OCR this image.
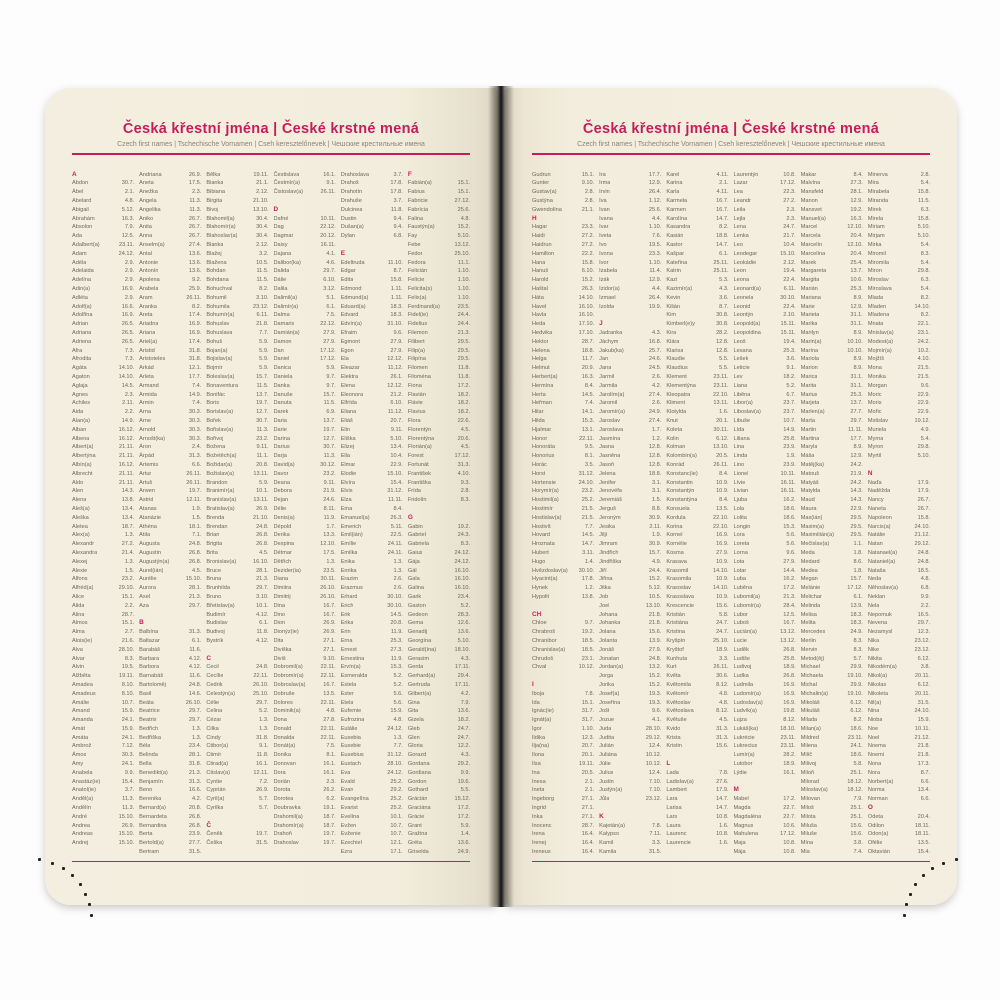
Česká křestní jména | České krstné mená
Czech first names | Tschechische Vornamen | Cseh keresztelőnevek | Чешские крестильные имена
A
Abdon	30.7.
Ábel	2.1.
Abelard	4.8.
Abigail	5.12.
Abrahám	16.3.
Absolon	7.9.
Ada	12.5.
Adalbert(a)	23.11.
Adam	24.12.
Adéla	2.9.
Adelaida	2.9.
Adelína	2.9.
Adin(a)	16.9.
Adléta	2.9.
Adolf(a)	16.6.
Adolfína	16.9.
Adrian	26.5.
Adriana	26.5.
Adriena	26.5.
Afra	7.3.
Afrodita	7.3.
Agáta	14.10.
Agaton	14.10.
Aglaja	14.5.
Agnes	2.3.
Achiles	2.11.
Aida	2.2.
Alan(a)	14.9.
Alban	16.12.
Albena	16.12.
Albert(a)	21.11.
Albertýna	21.11.
Albín(a)	16.12.
Albrecht	21.11.
Aldo	21.11.
Alen	14.3.
Alena	13.8.
Aleš(a)	13.4.
Aleška	13.4.
Aletea	18.7.
Alex(a)	1.3.
Alexandr	27.2.
Alexandra	21.4.
Alexej	1.3.
Alexie	1.5.
Alfons	23.2.
Alfréd(a)	29.10.
Alice	15.1.
Alida	2.2.
Alina	28.7.
Almos	15.1.
Alma	2.7.
Alois(ie)	21.6.
Alva	28.10.
Alvar	8.3.
Alvin	19.5.
Alžběta	19.11.
Amadea	8.10.
Amadeus	8.10.
Amálie	10.7.
Amand	15.9.
Amanda	24.1.
Amát	15.9.
Amáta	24.1.
Ambrož	7.12.
Ámos	30.3.
Amy	24.1.
Anabela	9.9.
Anastáz(ie)	15.4.
Anatol(ie)	3.7.
Anděl(a)	11.3.
Andělín	11.3.
André	15.10.
Andrea	26.9.
Andreas	15.10.
Andrej	15.10.
Andriana	26.9.
Aneta	17.5.
Anežka	2.3.
Angela	11.3.
Angelika	11.3.
Aniko	26.7.
Anita	26.7.
Anna	26.7.
Anselm(a)	27.4.
Antal	13.6.
Antonie	13.6.
Antonín	13.6.
Apolena	9.2.
Arabela	25.9.
Aram	26.11.
Aranka	8.2.
Areta	17.4.
Ariadna	16.9.
Ariana	16.9.
Ariel(a)	17.4.
Aristid	31.8.
Aristoteles	31.8.
Arkád	12.1.
Arleta	17.7.
Armand	7.4.
Armida	14.9.
Armin	7.4.
Arna	30.3.
Arne	30.3.
Arnold	30.3.
Arnošt(ka)	30.3.
Áron	2.4.
Árpád	31.3.
Artemis	6.6.
Artur	26.11.
Artuš	26.11.
Arwen	19.7.
Astrid	12.11.
Atanas	1.9.
Atanázie	1.5.
Athéna	18.1.
Atila	7.1.
Augusta	24.8.
Augustin	26.8.
Augustýn(a)	26.8.
Aurel(ián)	4.5.
Aurélie	15.10.
Aurora	28.1.
Axel	21.3.
Aza	29.7.
B
Balbína	31.3.
Baltazar	6.1.
Barabáš	11.6.
Barbara	4.12.
Barbora	4.12.
Barnabáš	11.6.
Bartoloměj	24.8.
Basil	14.6.
Beáta	26.10.
Beatrice	29.7.
Beatrix	29.7.
Bedřich	1.3.
Bedřiška	1.3.
Béla	23.4.
Belinda	28.1.
Bella	31.8.
Benedikt(a)	21.3.
Benjamín	31.3.
Beno	16.6.
Berenika	4.2.
Bernard(a)	20.8.
Bernardeta	26.8.
Bernardina	26.8.
Berta	23.9.
Bertold(a)	27.7.
Bertram	31.5.
Bělka	19.11.
Bianka	21.1.
Bibiana	2.12.
Birgita	21.10.
Bivoj	13.10.
Blahomil(a)	30.4.
Blahomír(a)	30.4.
Blahoslav(a)	30.4.
Blanka	2.12.
Blažej	3.2.
Blažena	10.5.
Bohdan	11.5.
Bohdana	11.5.
Bohuchval	8.2.
Bohumil	3.10.
Bohumila	23.12.
Bohumír(a)	6.11.
Bohuslav	21.8.
Bohuslava	7.7.
Bohuš	5.9.
Bojan(a)	5.9.
Bojislav(a)	5.9.
Bojmír	5.9.
Boleslav(a)	15.7.
Bonaventura	11.5.
Bonifác	13.7.
Boris	19.7.
Borislav(a)	12.7.
Bořek	30.7.
Bořislav(a)	11.3.
Bořivoj	23.2.
Božena	9.11.
Božetěch(a)	11.1.
Božidar(a)	20.8.
Božislav(a)	13.11.
Brandon	5.9.
Branimír(a)	10.1.
Branislav(a)	13.11.
Bratislav(a)	26.9.
Brenda	21.10.
Brendan	24.8.
Brian	26.8.
Brigita	26.8.
Brita	4.5.
Bronislav(a)	16.10.
Bruce	28.1.
Bruna	21.3.
Brunhilda	29.7.
Bruno	3.10.
Břetislav(a)	10.1.
Budimír	4.12.
Budislav	6.1.
Budivoj	11.8.
Bystrík	4.12.
C
Cecil	24.8.
Cecílie	22.11.
Cedrik	26.10.
Celestýn(a)	25.10.
Célie	29.7.
Celina	5.2.
Cézar	1.3.
Cilka	1.3.
Cindy	31.8.
Ctibor(a)	9.1.
Ctimír	11.8.
Ctirad(a)	16.1.
Ctislav(a)	12.11.
Cyntie	7.2.
Cyprián	26.9.
Cyril(a)	5.7.
Cyrilka	5.7.
Č
Čeněk	19.7.
Češka	31.5.
Čestislava	16.1.
Čestmír(a)	9.1.
Čistoslav(a)	26.11.
D
Dafné	10.11.
Dag	22.12.
Dagmar	20.12.
Daisy	16.11.
Dajana	4.1.
Dalibor(ka)	4.6.
Dalida	29.7.
Dálie	6.10.
Dalila	3.12.
Dalimil(a)	5.1.
Dalimír(a)	6.1.
Dalma	7.5.
Damaris	22.12.
Damián(a)	27.9.
Damon	27.9.
Dan	17.12.
Daniel	17.12.
Danica	5.9.
Daniela	9.7.
Danka	9.7.
Danuše	15.7.
Danuta	11.5.
Darek	6.9.
Daria	13.7.
Darie	19.7.
Darina	12.7.
Darius	30.7.
Darja	11.3.
David(a)	30.12.
Davor	23.2.
Deana	9.11.
Debora	21.9.
Dejan	24.6.
Délie	8.11.
Denis(a)	11.9.
Dépold	1.7.
Derika	13.3.
Despina	12.10.
Détmar	17.5.
Dětřich	1.3.
Dezider(ia)	23.5.
Diana	30.11.
Dimitra	26.10.
Dimitrij	26.10.
Dina	16.7.
Dino	16.7.
Dion	26.9.
Dionýz(ie)	26.9.
Dita	27.1.
Diviška	27.1.
Diviš	9.10.
Dobromil(a)	22.11.
Dobromír(a)	22.11.
Dobroslav(a)	16.7.
Dobruše	13.5.
Dolores	22.11.
Dominik(a)	4.8.
Dona	27.8.
Donald	22.11.
Donalda	22.11.
Donát(a)	7.5.
Donika	8.1.
Donovan	16.1.
Dora	16.1.
Dorián	2.3.
Dorota	26.2.
Dorotea	6.2.
Doubravka	19.1.
Drahomil(a)	18.7.
Drahomír(a)	18.7.
Drahoň	19.7.
Drahoslav	19.7.
Drahoslava	3.7.
Drahoš	17.8.
Drahotín	17.8.
Drahuše	3.7.
Dulcinea	11.8.
Dustin	9.4.
Dušan(a)	9.4.
Dylan	6.8.
E
Edeltruda	11.10.
Edgar	8.7.
Edita	15.8.
Edmond	1.11.
Edmund(a)	1.11.
Eduard(a)	18.3.
Edvard	18.3.
Edvín(a)	31.10.
Efraim	9.6.
Egmont	27.9.
Egon	27.9.
Ela	12.12.
Eleazar	11.12.
Elektra	26.1.
Elena	12.12.
Eleonora	21.2.
Elfrída	6.10.
Eliana	11.12.
Eliáš	20.7.
Elin	9.11.
Eliška	5.10.
Elizej	13.4.
Ella	10.4.
Elmar	22.9.
Elodie	15.10.
Elvíra	15.4.
Elvis	31.12.
Elza	11.11.
Ema	8.4.
Emanuel(a)	26.3.
Emerich	5.11.
Emil(ián)	22.5.
Emílie	24.11.
Emilka	24.11.
Enika	1.3.
Enrika	1.3.
Erazim	2.6.
Erazmus	2.6.
Erhard	30.10.
Erich	30.10.
Erik	14.5.
Erika	20.8.
Erin	11.9.
Erna	25.3.
Ernest	27.3.
Ernestina	11.9.
Ervín(a)	15.3.
Esmeralda	5.2.
Estela	5.2.
Ester	5.6.
Etela	5.6.
Eufemie	15.9.
Eufrozina	4.8.
Eulálie	24.12.
Eusebia	1.3.
Eusebie	7.7.
Eusebius	31.12.
Eustach	28.10.
Eva	24.12.
Evald	25.2.
Evan	29.2.
Evangelína	25.2.
Evarist	25.2.
Evelína	10.1.
Evžen	10.7.
Evženie	10.7.
Ezechiel	12.1.
Ezra	17.1.
F
Fabián(a)	15.1.
Fabius	15.1.
Fabricie	27.12.
Fabrícia	25.6.
Falina	4.8.
Faustýn(a)	15.2.
Fay	5.10.
Febe	13.12.
Fedor	25.10.
Fedora	11.1.
Felicián	1.10.
Felície	1.10.
Felicita(s)	1.10.
Felix(a)	1.10.
Ferdinand(a)	23.5.
Fidel(ie)	24.4.
Fidelius	24.4.
Filemon	21.3.
Filibert	29.5.
Filip(a)	29.5.
Filipína	29.5.
Filomen	11.8.
Filoména	11.8.
Fiona	17.2.
Flavián	18.2.
Flávie	18.2.
Flavius	18.2.
Flora	22.6.
Florentýn	4.5.
Florentýna	20.6.
Florián(a)	4.5.
Forest	17.12.
Fortunát	31.3.
František	4.10.
Františka	9.3.
Frída	2.8.
Fridolín	8.3.
G
Gabin	19.2.
Gabriel	24.3.
Gabriela	8.3.
Gaius	24.12.
Gája	24.12.
Gál	16.10.
Gala	16.10.
Galina	16.10.
Garik	23.4.
Gaston	5.2.
Gedeon	28.3.
Gema	12.6.
Genadij	13.6.
Georgína	5.10.
Gerald(ína)	18.10.
Gerasim	4.3.
Gerda	17.11.
Gerhard(a)	29.4.
Gertruda	17.11.
Gilbert(a)	4.2.
Gina	7.9.
Gita	13.6.
Gizela	18.2.
Gleb	24.7.
Glen	24.7.
Gloria	12.2.
Gorazd	4.3.
Gordana	29.2.
Gordiana	9.9.
Gordon	19.6.
Gothard	5.5.
Grácián	15.12.
Graciána	17.2.
Grácie	17.2.
Grant	5.9.
Gražina	1.4.
Gréta	13.6.
Griselda	24.9.
Česká křestní jména | České krstné mená
Czech first names | Tschechische Vornamen | Cseh keresztelőnevek | Чешские крестильные имена
Gudrun	15.1.
Gunter	9.10.
Gustav(a)	2.8.
Gustýna	2.8.
Gwendolína	21.1.
H
Hagar	23.3.
Haidi	27.2.
Haidrun	27.2.
Hamilton	22.2.
Hana	15.8.
Hanuš	6.10.
Harold	15.2.
Haštal	26.3.
Háta	14.10.
Havel	16.10.
Havla	16.10.
Heda	17.10.
Hedvika	17.10.
Hektor	28.7.
Helena	18.8.
Helga	11.7.
Helmut	20.9.
Herbert(a)	16.3.
Hermína	8.4.
Herta	14.5.
Heřman	7.4.
Hilar	14.1.
Hilda	15.3.
Hjalmar	13.1.
Honor	22.11.
Honoráta	9.5.
Honorius	8.1.
Horác	3.5.
Horst	31.12.
Hortensie	24.10.
Horymír(a)	23.2.
Hostimil(a)	25.2.
Hostimír	21.5.
Hostislav(a)	21.5.
Hostivít	7.7.
Hovard	14.5.
Hroznata	14.7.
Hubert	3.11.
Hugo	1.4.
Hvězdoslav(a) 30.10.
Hyacint(a)	17.8.
Hynek	1.2.
Hypolit	13.8.
CH
Chloe	9.7.
Chrabroš	19.2.
Chranibor	18.5.
Chranislav(a)	18.5.
Chrudoš	23.1.
Chval	10.12.
I
Iboja	7.8.
Ida	15.1.
Ignác(ie)	31.7.
Ignát(a)	31.7.
Igor	1.10.
Ildika	12.3.
Ilja(na)	20.7.
Ilona	20.1.
Ilsa	19.11.
Ina	20.5.
Inesa	2.1.
Ineta	2.1.
Ingeborg	27.1.
Ingrid	27.1.
Inka	27.1.
Inocenc	28.7.
Irena	16.4.
Irenej	16.4.
Ireneus	16.4.
Ira	17.7.
Irma	12.9.
Irvin	26.4.
Iva	1.12.
Ivan	25.6.
Ivana	4.4.
Ivar	1.10.
Iveta	7.6.
Ivo	19.5.
Ivona	23.3.
Ivor	1.10.
Izabela	11.4.
Izák	12.9.
Izidor(a)	4.4.
Izmael	26.4.
Izolda	19.9.
J
Jadranka	4.3.
Jáchym	16.8.
Jakub(ka)	25.7.
Jan	24.6.
Jana	24.5.
Jarmil	2.6.
Jarmila	4.2.
Jarolím(a)	27.4.
Jaromil	2.6.
Jaromír(a)	24.9.
Jaroslav	27.4.
Jaroslava	1.7.
Jasmína	1.2.
Jasna	12.8.
Jasněna	12.8.
Jasoň	12.8.
Jelena	18.8.
Jenifer	3.1.
Jenovéfa	3.1.
Jeremiáš	1.5.
Jerguš	8.8.
Jeroným	30.9.
Jesika	2.11.
Jiljí	1.9.
Jimram	30.9.
Jindřich	15.7.
Jindřiška	4.9.
Jiří	24.4.
Jiřina	15.2.
Jitka	5.12.
Job	10.5.
Joel	13.10.
Johana	21.8.
Johanka	21.8.
Jolana	15.6.
Jolanta	13.9.
Jonáš	27.9.
Jonatan	24.8.
Jordan(a)	13.2.
Jorga	15.2.
Jorika	15.2.
Josef(a)	19.3.
Josefína	19.3.
Jošt	9.6.
Jozue	4.1.
Juda	28.10.
Judita	29.12.
Julián	12.4.
Juliána	10.12.
Júlie	10.12.
Julius	12.4.
Justin	7.10.
Justýn(a)	7.10.
Jůla	23.12.
K
Kajetán(a)	7.8.
Kalypso	7.11.
Kamil	3.3.
Kamila	31.5.
Karel	4.11.
Karina	2.1.
Karla	4.11.
Karmela	16.7.
Karmen	16.7.
Karolína	14.7.
Kasandra	8.2.
Kasián	18.8.
Kastor	14.7.
Kašpar	6.1.
Kateřina	25.11.
Katrin	25.11.
Kazi	5.3.
Kazimír(a)	4.3.
Kevin	3.6.
Kilián	8.7.
Kim	30.8.
Kimberl(e)y	30.8.
Kira	28.2.
Klára	12.8.
Klarisa	12.8.
Klaudie	5.5.
Klaudius	5.5.
Klement	23.11.
Klementýna	23.11.
Kleopatra	22.10.
Kliment	13.11.
Klotylda	1.6.
Knut	20.1.
Koleta	30.11.
Kolin	6.12.
Kolman	13.10.
Kolombín(a)	20.5.
Konrád	26.11.
Konstanc(ie)	8.4.
Konstantin	10.9.
Konstantýn	10.9.
Konstantýna	8.4.
Konsuela	13.5.
Kordula	22.10.
Korina	22.10.
Kornel	16.9.
Kornélie	16.9.
Kosma	27.9.
Krasava	10.9.
Krasomil	14.10.
Krasomila	10.9.
Krasoslav	14.10.
Krasoslava	10.9.
Krescencie	15.6.
Kristián	5.8.
Kristiána	24.7.
Kristina	24.7.
Kryšpín	25.10.
Kryštof	18.9.
Kunhuta	3.3.
Kurt	26.11.
Květa	30.6.
Květomila	8.12.
Květomír	4.8.
Květoslav	4.8.
Květoslava	8.12.
Květuše	4.5.
Kvido	31.3.
Krista	31.3.
Kristin	15.6.
L
Lada	7.8.
Ladislav(a)	27.6.
Lambert	17.9.
Lara	14.7.
Larisa	14.7.
Lars	10.8.
Laura	1.6.
Laurenc	10.8.
Laurencie	1.6.
Laurentýn	10.8.
Lazar	17.12.
Lea	22.3.
Leandr	27.2.
Leila	2.3.
Lejla	2.3.
Lena	24.7.
Lenka	21.7.
Leo	10.4.
Leodegar	15.10.
Leokádie	2.12.
Leon	19.4.
Leona	22.4.
Leonard(a)	6.11.
Leonela	30.10.
Leonid	22.4.
Leontýn	2.10.
Leopold(a)	15.11.
Leopoldina	15.11.
Leoš	19.4.
Lesana	25.3.
Lešek	3.6.
Leticie	9.1.
Lev	18.2.
Liana	5.2.
Liběna	6.7.
Libor(a)	23.7.
Liboslav(a)	23.7.
Libuše	10.7.
Lída	14.9.
Liliana	25.8.
Lina	23.9.
Linda	1.9.
Lino	23.9.
Lionel	10.11.
Lívie	16.11.
Livian	16.11.
Ljuba	16.2.
Lola	18.6.
Lolita	18.6.
Longin	15.3.
Lora	5.6.
Loreta	5.6.
Lorna	9.6.
Lota	27.9.
Lotar	14.4.
Luba	16.2.
Luběna	17.2.
Lubomil(a)	21.3.
Lubomír(a)	28.4.
Lubor	12.5.
Luboš	16.7.
Lucián(a)	13.12.
Lucie	13.12.
Luděk	26.8.
Ludiše	25.8.
Ludivoj	18.9.
Ludka	26.8.
Ludmila	16.9.
Ludomír(a)	16.9.
Ludoslav(a)	16.9.
Ludvík(a)	19.8.
Lujza	8.12.
Lukáš(ka)	18.10.
Lukrécie	23.11.
Lukrecius	23.11.
Lumír(a)	28.2.
Lutobor	18.9.
Lýdie	16.1.
M
Mabel	17.2.
Magda	22.7.
Magdaléna	22.7.
Magnus	10.6.
Mahulena	17.12.
Maja	10.8.
Mája	10.8.
Makar	8.4.
Malvína	27.3.
Mansfeld	28.1.
Manon	12.9.
Mansvet	19.2.
Manuel(a)	16.3.
Marcel	12.10.
Marcela	20.4.
Marcelín	12.10.
Marcelína	20.4.
Marek	25.4.
Margareta	13.7.
Margita	10.6.
Marián	25.3.
Mariana	8.9.
Marie	12.9.
Marieta	31.1.
Marika	31.1.
Marilyn	8.9.
Marin(a)	10.10.
Marína	10.10.
Mariola	8.9.
Marion	8.9.
Marica	31.1.
Marita	31.1.
Marius	25.3.
Marjeta	13.7.
Marlen(a)	27.7.
Marta	29.7.
Martin	11.11.
Martina	17.7.
Maryla	8.9.
Máša	12.9.
Matěj(ka)	24.2.
Matouš	21.9.
Matyáš	24.2.
Matylda	14.3.
Maud	14.3.
Maura	22.9.
Max(ián)	29.5.
Maxim(a)	29.5.
Maximilián(a)	29.5.
Mečislav(a)	1.1.
Meda	1.8.
Medard	8.6.
Medea	1.8.
Megan	15.7.
Melánie	17.12.
Melichar	6.1.
Melinda	13.9.
Melisa	18.3.
Melita	18.3.
Mercedes	24.9.
Merlin	8.3.
Mervin	8.3.
Metod(ěj)	5.7.
Michael	29.9.
Michaela	19.10.
Michal	29.9.
Michalin(a)	19.10.
Mikoláš	6.12.
Mikuláš	6.12.
Milada	8.2.
Milan(a)	18.6.
Mildred	23.11.
Milena	24.1.
Milíč	18.6.
Milivoj	5.8.
Miloň	25.1.
Milorad	18.12.
Miloslav(a)	18.12.
Milovan	7.9.
Miloš	25.1.
Milota	25.1.
Miluša	15.6.
Miluše	15.6.
Mína	3.8.
Mia	7.4.
Minerva	2.8.
Mira	5.4.
Mirabela	15.8.
Miranda	11.5.
Mirek	6.3.
Mirela	15.8.
Miriam	5.10.
Mirjam	5.10.
Mirka	5.4.
Miromil	8.3.
Miromila	5.4.
Miron	29.8.
Miroslav	6.3.
Miroslava	5.4.
Mlada	8.2.
Mladen	14.10.
Mladena	8.2.
Mnata	22.1.
Mnislav(a)	23.1.
Modest(a)	24.2.
Mojmír(a)	10.2.
Mojžíš	4.10.
Mona	21.5.
Monika	21.5.
Morgan	9.6.
Moric	22.9.
Moris	22.9.
Mořic	22.9.
Mstislav	19.12.
Muriela	4.9.
Myrna	5.4.
Myron	29.8.
Myrtil	5.10.
N
Naďa	17.9.
Naděžda	17.9.
Nancy	26.7.
Naneta	26.7.
Napoleon	15.8.
Narcis(a)	24.10.
Natálie	21.12.
Natan	29.12.
Natanael(a)	24.8.
Nataniel(a)	24.8.
Nataša	18.5.
Neda	4.8.
Něhoslav(a)	6.8.
Neklan	9.9.
Nela	2.2.
Nepomuk	16.5.
Nevena	29.7.
Nezamysl	12.3.
Nika	23.12.
Nike	23.12.
Nikita	6.12.
Nikodém(a)	3.8.
Nikol(a)	20.11.
Nikolas	6.12.
Nikoleta	20.11.
Nil(a)	31.5.
Nina	24.10.
Nioba	15.9.
Noe	10.11.
Noel	21.12.
Noema	21.8.
Noemi	21.8.
Nona	17.3.
Nora	8.7.
Norbert(a)	6.6.
Norma	13.4.
Norman	6.6.
O
Odeta	20.4.
Odilon	18.11.
Odon(a)	18.11.
Ofélie	13.5.
Oktavián	15.4.
